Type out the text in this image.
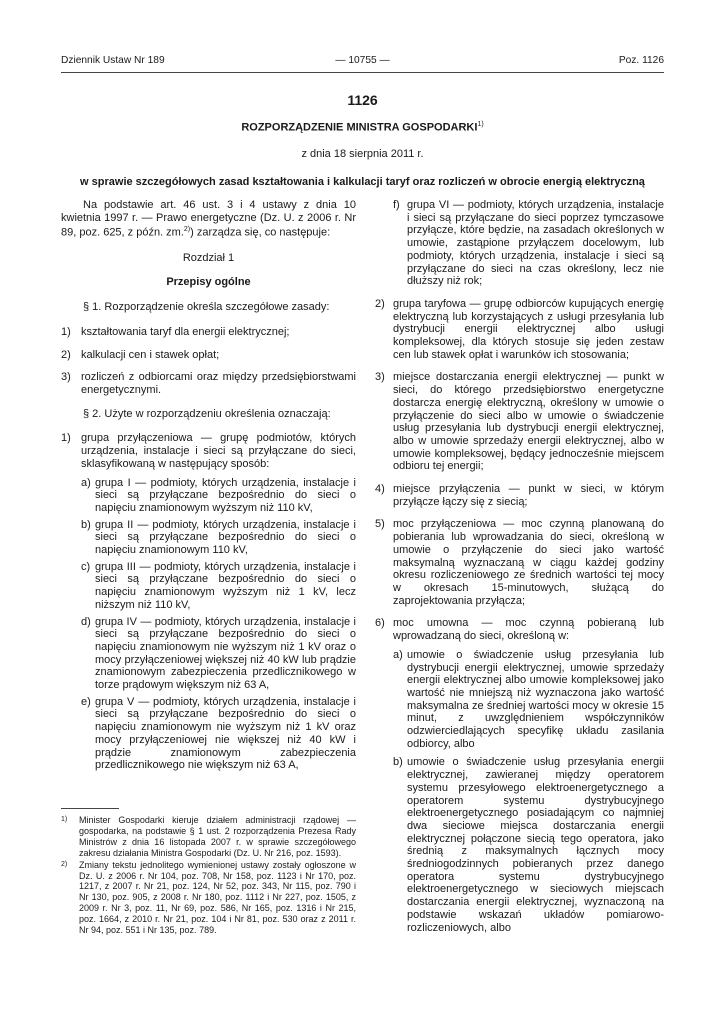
Dziennik Ustaw Nr 189	— 10755 —	Poz. 1126
1126
ROZPORZĄDZENIE MINISTRA GOSPODARKI$^{1)}$
z dnia 18 sierpnia 2011 r.
w sprawie szczegółowych zasad kształtowania i kalkulacji taryf oraz rozliczeń w obrocie energią elektryczną

Na podstawie art. 46 ust. 3 i 4 ustawy z dnia 10 kwietnia 1997 r. — Prawo energetyczne (Dz. U. z 2006 r. Nr 89, poz. 625, z późn. zm.$^{2)}$) zarządza się, co następuje:

Rozdział 1

Przepisy ogólne

§ 1. Rozporządzenie określa szczegółowe zasady:

1) kształtowania taryf dla energii elektrycznej;
2) kalkulacji cen i stawek opłat;
3) rozliczeń z odbiorcami oraz między przedsiębiorstwami energetycznymi.

§ 2. Użyte w rozporządzeniu określenia oznaczają:

1) grupa przyłączeniowa — grupę podmiotów, których urządzenia, instalacje i sieci są przyłączane do sieci, sklasyfikowaną w następujący sposób:
a) grupa I — podmioty, których urządzenia, instalacje i sieci są przyłączane bezpośrednio do sieci o napięciu znamionowym wyższym niż 110 kV,
b) grupa II — podmioty, których urządzenia, instalacje i sieci są przyłączane bezpośrednio do sieci o napięciu znamionowym 110 kV,
c) grupa III — podmioty, których urządzenia, instalacje i sieci są przyłączane bezpośrednio do sieci o napięciu znamionowym wyższym niż 1 kV, lecz niższym niż 110 kV,
d) grupa IV — podmioty, których urządzenia, instalacje i sieci są przyłączane bezpośrednio do sieci o napięciu znamionowym nie wyższym niż 1 kV oraz o mocy przyłączeniowej większej niż 40 kW lub prądzie znamionowym zabezpieczenia przedlicznikowego w torze prądowym większym niż 63 A,
e) grupa V — podmioty, których urządzenia, instalacje i sieci są przyłączane bezpośrednio do sieci o napięciu znamionowym nie wyższym niż 1 kV oraz mocy przyłączeniowej nie większej niż 40 kW i prądzie znamionowym zabezpieczenia przedlicznikowego nie większym niż 63 A,
1)	Minister Gospodarki kieruje działem administracji rządowej — gospodarka, na podstawie § 1 ust. 2 rozporządzenia Prezesa Rady Ministrów z dnia 16 listopada 2007 r. w sprawie szczegółowego zakresu działania Ministra Gospodarki (Dz. U. Nr 216, poz. 1593).
2)	Zmiany tekstu jednolitego wymienionej ustawy zostały ogłoszone w Dz. U. z 2006 r. Nr 104, poz. 708, Nr 158, poz. 1123 i Nr 170, poz. 1217, z 2007 r. Nr 21, poz. 124, Nr 52, poz. 343, Nr 115, poz. 790 i Nr 130, poz. 905, z 2008 r. Nr 180, poz. 1112 i Nr 227, poz. 1505, z 2009 r. Nr 3, poz. 11, Nr 69, poz. 586, Nr 165, poz. 1316 i Nr 215, poz. 1664, z 2010 r. Nr 21, poz. 104 i Nr 81, poz. 530 oraz z 2011 r. Nr 94, poz. 551 i Nr 135, poz. 789.
f) grupa VI — podmioty, których urządzenia, instalacje i sieci są przyłączane do sieci poprzez tymczasowe przyłącze, które będzie, na zasadach określonych w umowie, zastąpione przyłączem docelowym, lub podmioty, których urządzenia, instalacje i sieci są przyłączane do sieci na czas określony, lecz nie dłuższy niż rok;
2) grupa taryfowa — grupę odbiorców kupujących energię elektryczną lub korzystających z usługi przesyłania lub dystrybucji energii elektrycznej albo usługi kompleksowej, dla których stosuje się jeden zestaw cen lub stawek opłat i warunków ich stosowania;
3) miejsce dostarczania energii elektrycznej — punkt w sieci, do którego przedsiębiorstwo energetyczne dostarcza energię elektryczną, określony w umowie o przyłączenie do sieci albo w umowie o świadczenie usług przesyłania lub dystrybucji energii elektrycznej, albo w umowie sprzedaży energii elektrycznej, albo w umowie kompleksowej, będący jednocześnie miejscem odbioru tej energii;
4) miejsce przyłączenia — punkt w sieci, w którym przyłącze łączy się z siecią;
5) moc przyłączeniowa — moc czynną planowaną do pobierania lub wprowadzania do sieci, określoną w umowie o przyłączenie do sieci jako wartość maksymalną wyznaczaną w ciągu każdej godziny okresu rozliczeniowego ze średnich wartości tej mocy w okresach 15-minutowych, służącą do zaprojektowania przyłącza;
6) moc umowna — moc czynną pobieraną lub wprowadzaną do sieci, określoną w:
a) umowie o świadczenie usług przesyłania lub dystrybucji energii elektrycznej, umowie sprzedaży energii elektrycznej albo umowie kompleksowej jako wartość nie mniejszą niż wyznaczona jako wartość maksymalna ze średniej wartości mocy w okresie 15 minut, z uwzględnieniem współczynników odzwierciedlających specyfikę układu zasilania odbiorcy, albo
b) umowie o świadczenie usług przesyłania energii elektrycznej, zawieranej między operatorem systemu przesyłowego elektroenergetycznego a operatorem systemu dystrybucyjnego elektroenergetycznego posiadającym co najmniej dwa sieciowe miejsca dostarczania energii elektrycznej połączone siecią tego operatora, jako średnią z maksymalnych łącznych mocy średniogodzinnych pobieranych przez danego operatora systemu dystrybucyjnego elektroenergetycznego w sieciowych miejscach dostarczania energii elektrycznej, wyznaczoną na podstawie wskazań układów pomiarowo-rozliczeniowych, albo
